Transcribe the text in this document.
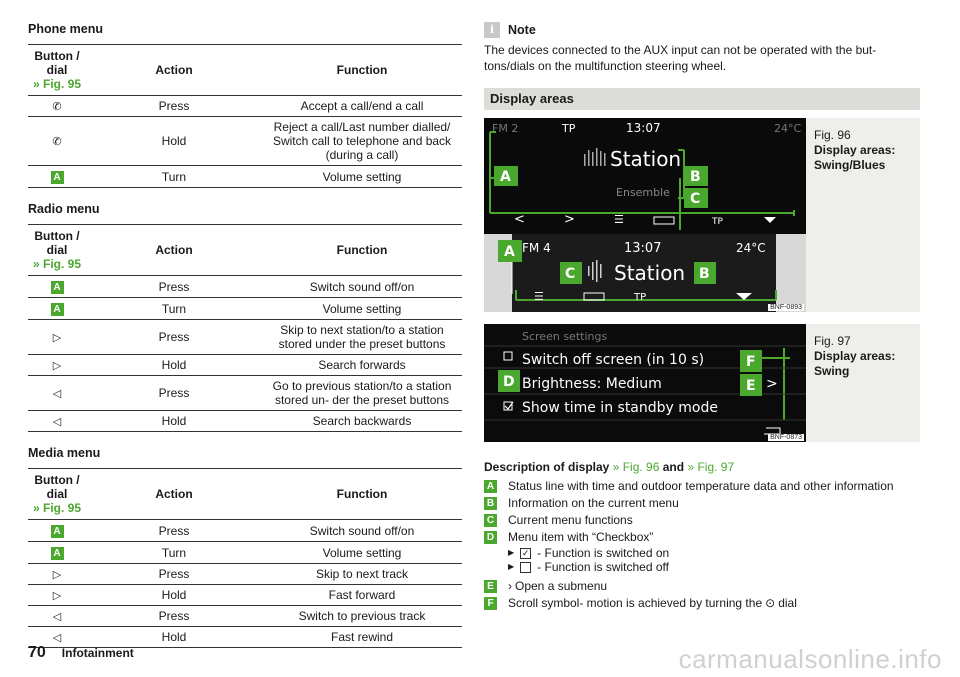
Phone menu
Button /
dial
» Fig. 95	Action	Function
✆	Press	Accept a call/end a call
✆	Hold	Reject a call/Last number dialled/ Switch call to telephone and back (during a call)
A	Turn	Volume setting
Radio menu
Button /
dial
» Fig. 95	Action	Function
A	Press	Switch sound off/on
A	Turn	Volume setting
▷	Press	Skip to next station/to a station stored under the preset buttons
▷	Hold	Search forwards
◁	Press	Go to previous station/to a station stored un- der the preset buttons
◁	Hold	Search backwards
Media menu
Button /
dial
» Fig. 95	Action	Function
A	Press	Switch sound off/on
A	Turn	Volume setting
▷	Press	Skip to next track
▷	Hold	Fast forward
◁	Press	Switch to previous track
◁	Hold	Fast rewind
i	Note
The devices connected to the AUX input can not be operated with the but- tons/dials on the multifunction steering wheel.
Display areas
<	>	☰
☰
A	B
C
A
C	B
FM 2	TP	13:07	24°C
Station
Ensemble
TP
FM 4	13:07	24°C
Station
TP
BNF-0893
Fig. 96
Display areas:
Swing/Blues
D
F
E >
Screen settings
Switch off screen (in 10 s)
Brightness: Medium
Show time in standby mode
BNF-0873
Fig. 97
Display areas:
Swing
Description of display » Fig. 96 and » Fig. 97
A Status line with time and outdoor temperature data and other information
B Information on the current menu
C Current menu functions
D Menu item with “Checkbox”
▶ ✓ - Function is switched on
▶ - Function is switched off
E › Open a submenu
F Scroll symbol- motion is achieved by turning the ⊙ dial
70 Infotainment	carmanualsonline.info
